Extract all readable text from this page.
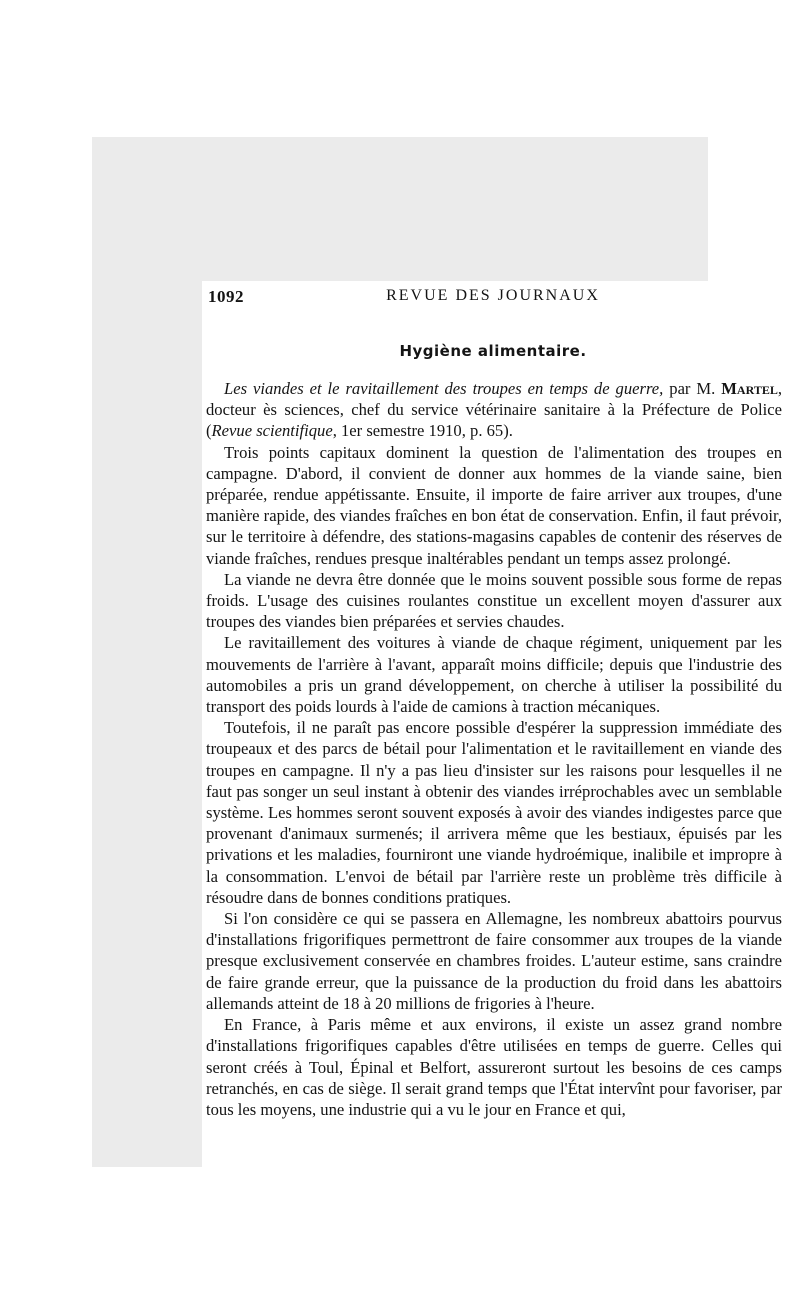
1092	REVUE DES JOURNAUX
Hygiène alimentaire.

Les viandes et le ravitaillement des troupes en temps de guerre, par M. Martel, docteur ès sciences, chef du service vétérinaire sanitaire à la Préfecture de Police (Revue scientifique, 1er semestre 1910, p. 65).

Trois points capitaux dominent la question de l'alimentation des troupes en campagne. D'abord, il convient de donner aux hommes de la viande saine, bien préparée, rendue appétissante. Ensuite, il importe de faire arriver aux troupes, d'une manière rapide, des viandes fraîches en bon état de conservation. Enfin, il faut prévoir, sur le territoire à défendre, des stations-magasins capables de contenir des réserves de viande fraîches, rendues presque inaltérables pendant un temps assez prolongé.

La viande ne devra être donnée que le moins souvent possible sous forme de repas froids. L'usage des cuisines roulantes constitue un excellent moyen d'assurer aux troupes des viandes bien préparées et servies chaudes.

Le ravitaillement des voitures à viande de chaque régiment, uniquement par les mouvements de l'arrière à l'avant, apparaît moins difficile; depuis que l'industrie des automobiles a pris un grand développement, on cherche à utiliser la possibilité du transport des poids lourds à l'aide de camions à traction mécaniques.

Toutefois, il ne paraît pas encore possible d'espérer la suppression immédiate des troupeaux et des parcs de bétail pour l'alimentation et le ravitaillement en viande des troupes en campagne. Il n'y a pas lieu d'insister sur les raisons pour lesquelles il ne faut pas songer un seul instant à obtenir des viandes irréprochables avec un semblable système. Les hommes seront souvent exposés à avoir des viandes indigestes parce que provenant d'animaux surmenés; il arrivera même que les bestiaux, épuisés par les privations et les maladies, fourniront une viande hydroémique, inalibile et impropre à la consommation. L'envoi de bétail par l'arrière reste un problème très difficile à résoudre dans de bonnes conditions pratiques.

Si l'on considère ce qui se passera en Allemagne, les nombreux abattoirs pourvus d'installations frigorifiques permettront de faire consommer aux troupes de la viande presque exclusivement conservée en chambres froides. L'auteur estime, sans craindre de faire grande erreur, que la puissance de la production du froid dans les abattoirs allemands atteint de 18 à 20 millions de frigories à l'heure.

En France, à Paris même et aux environs, il existe un assez grand nombre d'installations frigorifiques capables d'être utilisées en temps de guerre. Celles qui seront créés à Toul, Épinal et Belfort, assureront surtout les besoins de ces camps retranchés, en cas de siège. Il serait grand temps que l'État intervînt pour favoriser, par tous les moyens, une industrie qui a vu le jour en France et qui,
